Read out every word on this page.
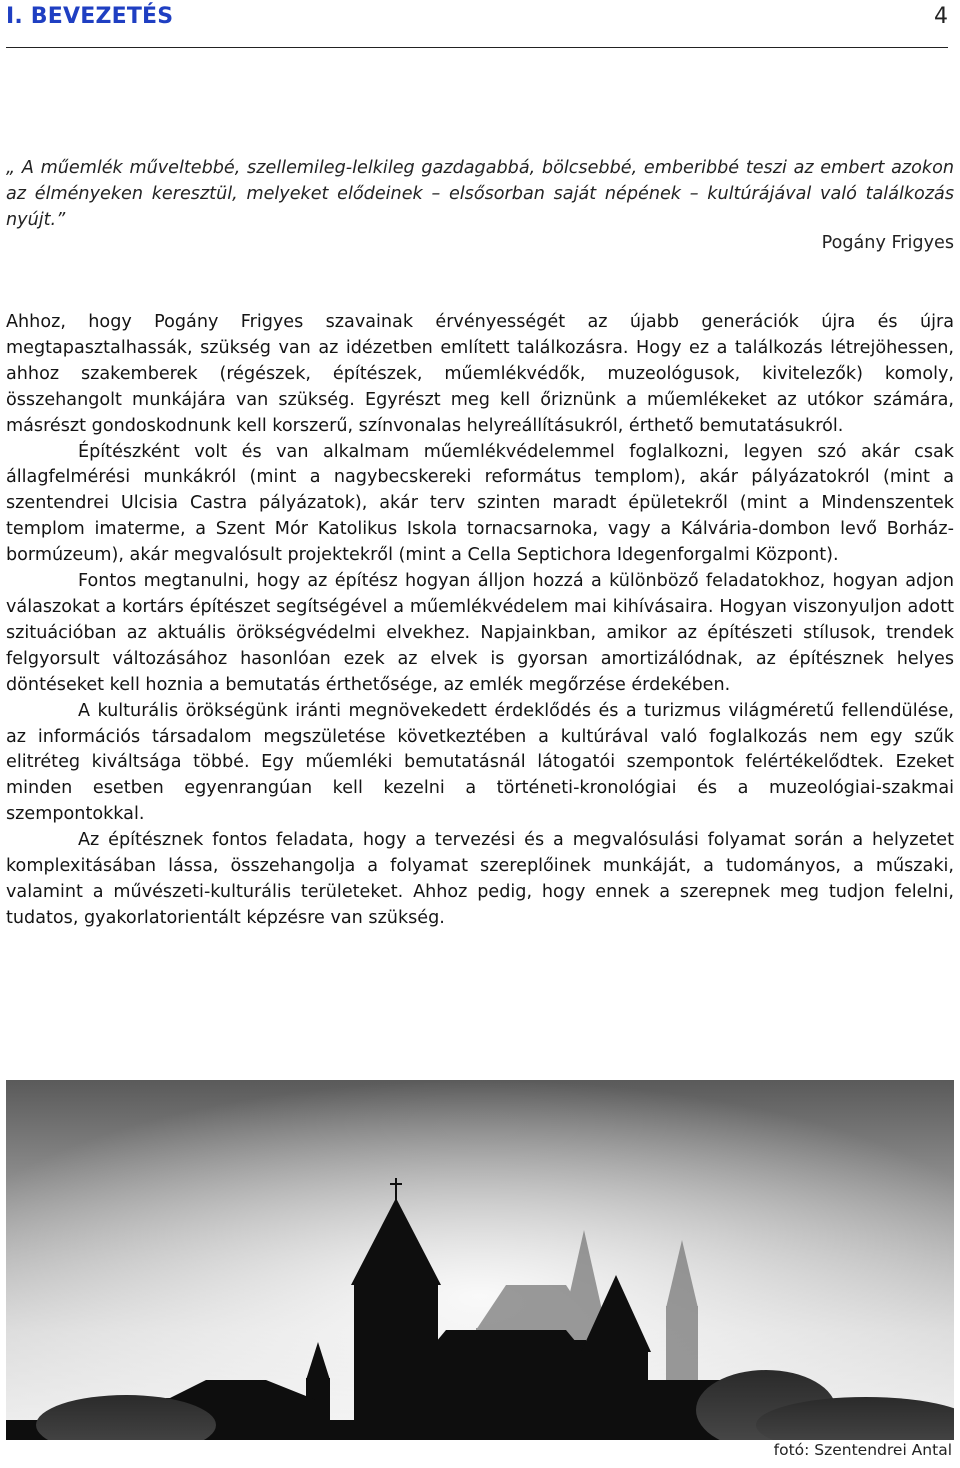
I. BEVEZETÉS	4
„ A műemlék műveltebbé, szellemileg-lelkileg gazdagabbá, bölcsebbé, emberibbé teszi az embert azokon az élményeken keresztül, melyeket elődeinek – elsősorban saját népének – kultúrájával való találkozás nyújt.”
Pogány Frigyes

Ahhoz, hogy Pogány Frigyes szavainak érvényességét az újabb generációk újra és újra megtapasztalhassák, szükség van az idézetben említett találkozásra. Hogy ez a találkozás létrejöhessen, ahhoz szakemberek (régészek, építészek, műemlékvédők, muzeológusok, kivitelezők) komoly, összehangolt munkájára van szükség. Egyrészt meg kell őriznünk a műemlékeket az utókor számára, másrészt gondoskodnunk kell korszerű, színvonalas helyreállításukról, érthető bemutatásukról.

Építészként volt és van alkalmam műemlékvédelemmel foglalkozni, legyen szó akár csak állagfelmérési munkákról (mint a nagybecskereki református templom), akár pályázatokról (mint a szentendrei Ulcisia Castra pályázatok), akár terv szinten maradt épületekről (mint a Mindenszentek templom imaterme, a Szent Mór Katolikus Iskola tornacsarnoka, vagy a Kálvária-dombon levő Borház-bormúzeum), akár megvalósult projektekről (mint a Cella Septichora Idegenforgalmi Központ).

Fontos megtanulni, hogy az építész hogyan álljon hozzá a különböző feladatokhoz, hogyan adjon válaszokat a kortárs építészet segítségével a műemlékvédelem mai kihívásaira. Hogyan viszonyuljon adott szituációban az aktuális örökségvédelmi elvekhez. Napjainkban, amikor az építészeti stílusok, trendek felgyorsult változásához hasonlóan ezek az elvek is gyorsan amortizálódnak, az építésznek helyes döntéseket kell hoznia a bemutatás érthetősége, az emlék megőrzése érdekében.

A kulturális örökségünk iránti megnövekedett érdeklődés és a turizmus világméretű fellendülése, az információs társadalom megszületése következtében a kultúrával való foglalkozás nem egy szűk elitréteg kiváltsága többé. Egy műemléki bemutatásnál látogatói szempontok felértékelődtek. Ezeket minden esetben egyenrangúan kell kezelni a történeti-kronológiai és a muzeológiai-szakmai szempontokkal.

Az építésznek fontos feladata, hogy a tervezési és a megvalósulási folyamat során a helyzetet komplexitásában lássa, összehangolja a folyamat szereplőinek munkáját, a tudományos, a műszaki, valamint a művészeti-kulturális területeket. Ahhoz pedig, hogy ennek a szerepnek meg tudjon felelni, tudatos, gyakorlatorientált képzésre van szükség.

fotó: Szentendrei Antal
